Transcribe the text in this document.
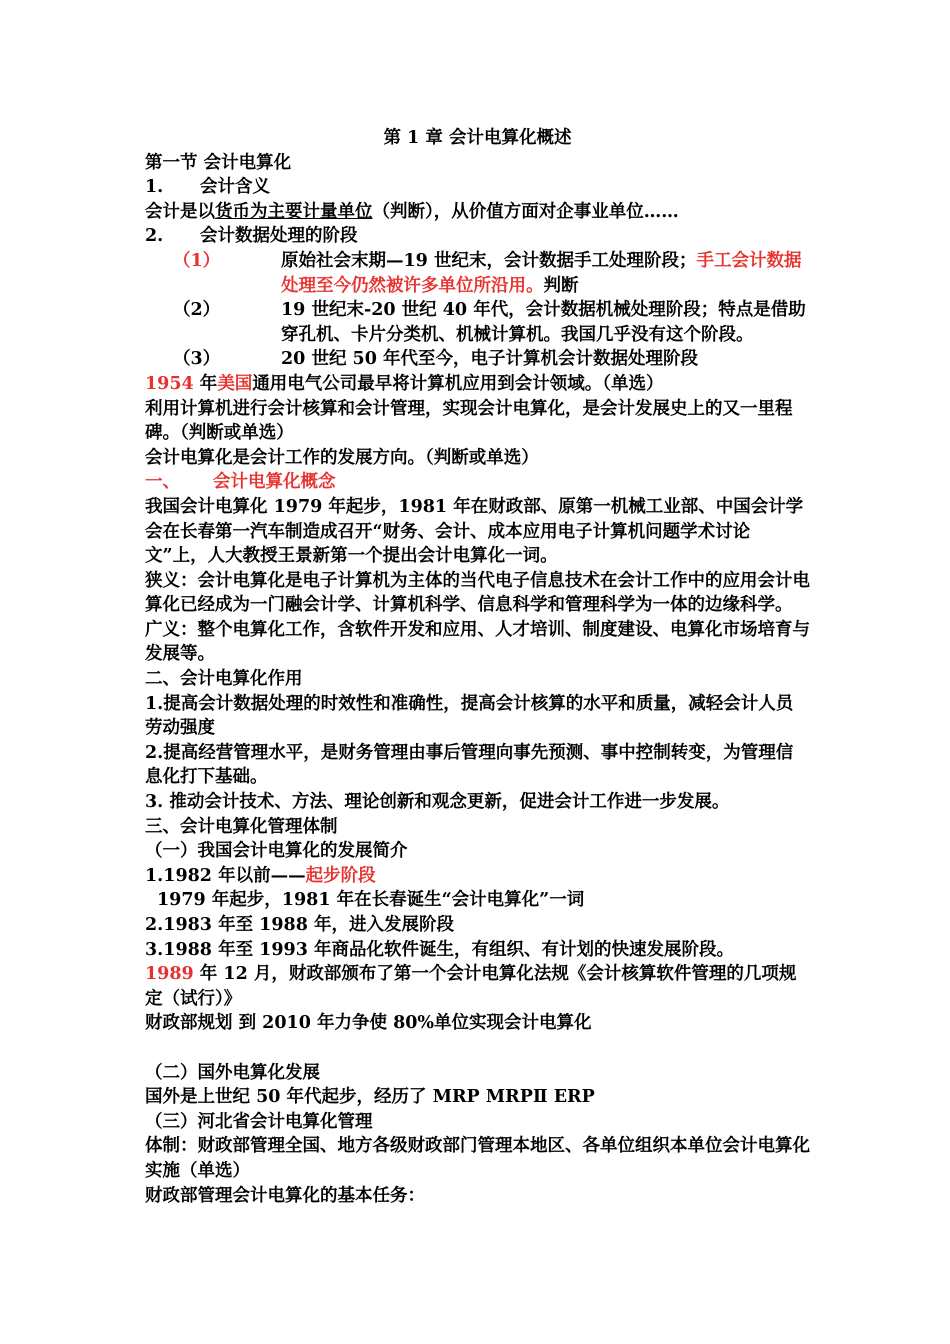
第 1 章 会计电算化概述

第一节 会计电算化

1.	会计含义

会计是以货币为主要计量单位（判断），从价值方面对企事业单位……

2.	会计数据处理的阶段
（1）	原始社会末期—19 世纪末，会计数据手工处理阶段；手工会计数据处理至今仍然被许多单位所沿用。判断
（2）	19 世纪末-20 世纪 40 年代，会计数据机械处理阶段；特点是借助穿孔机、卡片分类机、机械计算机。我国几乎没有这个阶段。
（3）	20 世纪 50 年代至今，电子计算机会计数据处理阶段

1954 年美国通用电气公司最早将计算机应用到会计领域。（单选）

利用计算机进行会计核算和会计管理，实现会计电算化，是会计发展史上的又一里程碑。（判断或单选）

会计电算化是会计工作的发展方向。（判断或单选）

一、	会计电算化概念

我国会计电算化 1979 年起步，1981 年在财政部、原第一机械工业部、中国会计学会在长春第一汽车制造成召开“财务、会计、成本应用电子计算机问题学术讨论文”上，人大教授王景新第一个提出会计电算化一词。

狭义：会计电算化是电子计算机为主体的当代电子信息技术在会计工作中的应用会计电算化已经成为一门融会计学、计算机科学、信息科学和管理科学为一体的边缘科学。

广义：整个电算化工作，含软件开发和应用、人才培训、制度建设、电算化市场培育与发展等。

二、会计电算化作用

1.提高会计数据处理的时效性和准确性，提高会计核算的水平和质量，减轻会计人员劳动强度

2.提高经营管理水平，是财务管理由事后管理向事先预测、事中控制转变，为管理信息化打下基础。

3. 推动会计技术、方法、理论创新和观念更新，促进会计工作进一步发展。

三、会计电算化管理体制

（一）我国会计电算化的发展简介

1.1982 年以前——起步阶段

1979 年起步，1981 年在长春诞生“会计电算化”一词

2.1983 年至 1988 年，进入发展阶段

3.1988 年至 1993 年商品化软件诞生，有组织、有计划的快速发展阶段。

1989 年 12 月，财政部颁布了第一个会计电算化法规《会计核算软件管理的几项规定（试行）》

财政部规划 到 2010 年力争使 80%单位实现会计电算化

（二）国外电算化发展

国外是上世纪 50 年代起步，经历了 MRP MRPⅡ ERP

（三）河北省会计电算化管理

体制：财政部管理全国、地方各级财政部门管理本地区、各单位组织本单位会计电算化实施（单选）

财政部管理会计电算化的基本任务：
